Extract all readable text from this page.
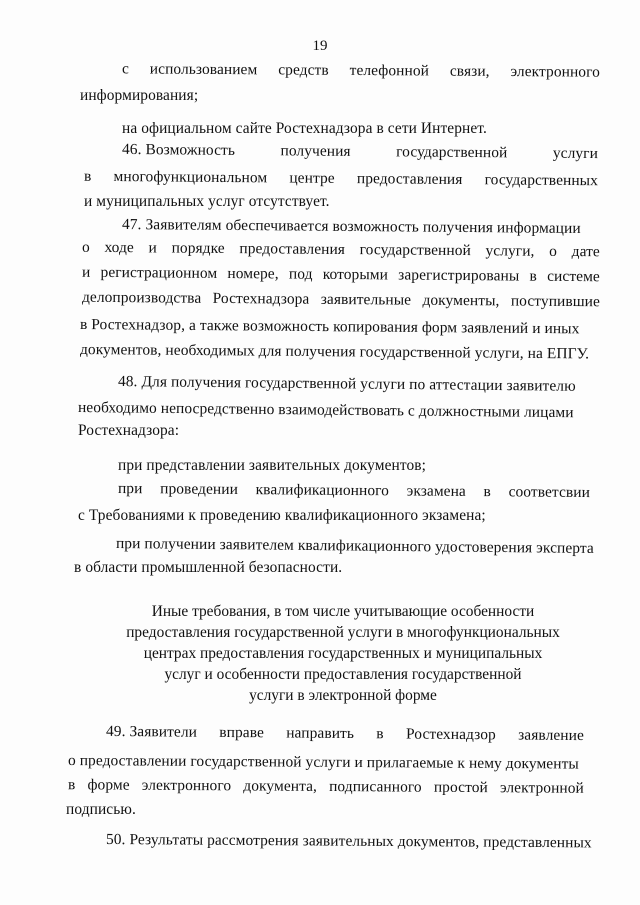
19
с использованием средств телефонной связи, электронного
информирования;
на официальном сайте Ростехнадзора в сети Интернет.
46. Возможность	получения	государственной	услуги
в многофункциональном центре предоставления государственных
и муниципальных услуг отсутствует.
47. Заявителям обеспечивается возможность получения информации
о ходе и порядке предоставления государственной услуги, о дате
и регистрационном номере, под которыми зарегистрированы в системе
делопроизводства Ростехнадзора заявительные документы, поступившие
в Ростехнадзор, а также возможность копирования форм заявлений и иных
документов, необходимых для получения государственной услуги, на ЕПГУ.
48. Для получения государственной услуги по аттестации заявителю
необходимо непосредственно взаимодействовать с должностными лицами
Ростехнадзора:
при представлении заявительных документов;
при проведении квалификационного экзамена в соответсвии
с Требованиями к проведению квалификационного экзамена;
при получении заявителем квалификационного удостоверения эксперта
в области промышленной безопасности.
Иные требования, в том числе учитывающие особенности
предоставления государственной услуги в многофункциональных
центрах предоставления государственных и муниципальных
услуг и особенности предоставления государственной
услуги в электронной форме
49. Заявители вправе направить в Ростехнадзор заявление
о предоставлении государственной услуги и прилагаемые к нему документы
в форме электронного документа, подписанного простой электронной
подписью.
50. Результаты рассмотрения заявительных документов, представленных
